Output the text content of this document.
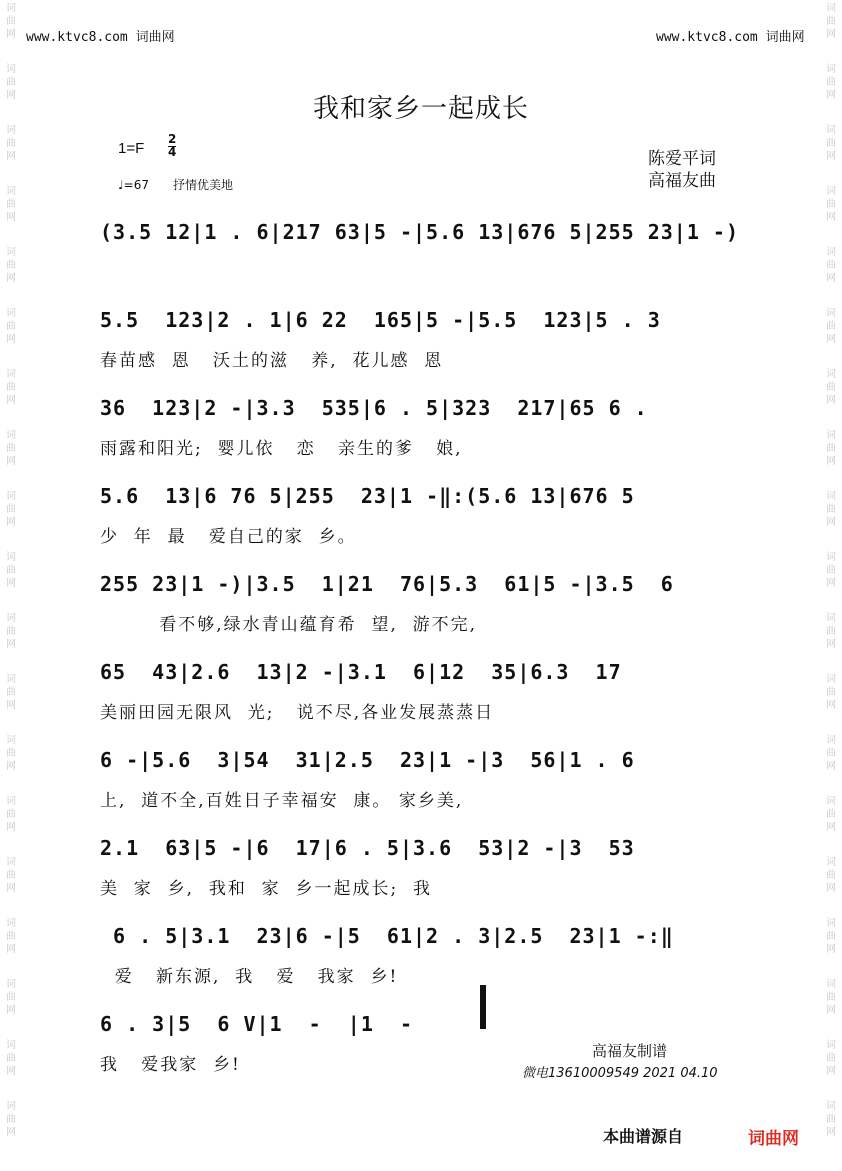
www.ktvc8.com 词曲网	www.ktvc8.com 词曲网
词
曲
网
词
曲
网
词
曲
网
词
曲
网
词
曲
网
词
曲
网
词
曲
网
词
曲
网
词
曲
网
词
曲
网
词
曲
网
词
曲
网
词
曲
网
词
曲
网
词
曲
网
词
曲
网
词
曲
网
词
曲
网
词
曲
网
词
曲
网
词
曲
网
词
曲
网
词
曲
网
词
曲
网
词
曲
网
词
曲
网
词
曲
网
词
曲
网
词
曲
网
词
曲
网
词
曲
网
词
曲
网
词
曲
网
词
曲
网
词
曲
网
词
曲
网
词
曲
网
词
曲
网
我和家乡一起成长
$1=F \frac{2}{4}$
♩=67　　抒情优美地
陈爱平词
高福友曲
(3.5 12|1 . 6|217 63|5 -|5.6 13|676 5|255 23|1 -)
5.5  123|2 . 1|6 22  165|5 -|5.5  123|5 . 3
春苗感  恩   沃土的滋   养,  花儿感  恩
36  123|2 -|3.3  535|6 . 5|323  217|65 6 .
雨露和阳光;  婴儿依   恋   亲生的爹   娘,
5.6  13|6 76 5|255  23|1 -‖:(5.6 13|676 5
少  年  最   爱自己的家  乡。
255 23|1 -)|3.5  1|21  76|5.3  61|5 -|3.5  6
看不够,绿水青山蕴育希  望,  游不完,
65  43|2.6  13|2 -|3.1  6|12  35|6.3  17
美丽田园无限风  光;   说不尽,各业发展蒸蒸日
6 -|5.6  3|54  31|2.5  23|1 -|3  56|1 . 6
上,  道不全,百姓日子幸福安  康。 家乡美,
2.1  63|5 -|6  17|6 . 5|3.6  53|2 -|3  53
美  家  乡,  我和  家  乡一起成长;  我
6 . 5|3.1  23|6 -|5  61|2 . 3|2.5  23|1 -:‖
爱   新东源,  我   爱   我家  乡!
6 . 3|5  6 V|1  -  |1  -
我   爱我家  乡!
高福友制谱
微电13610009549 2021 04.10
本曲谱源自	词曲网
